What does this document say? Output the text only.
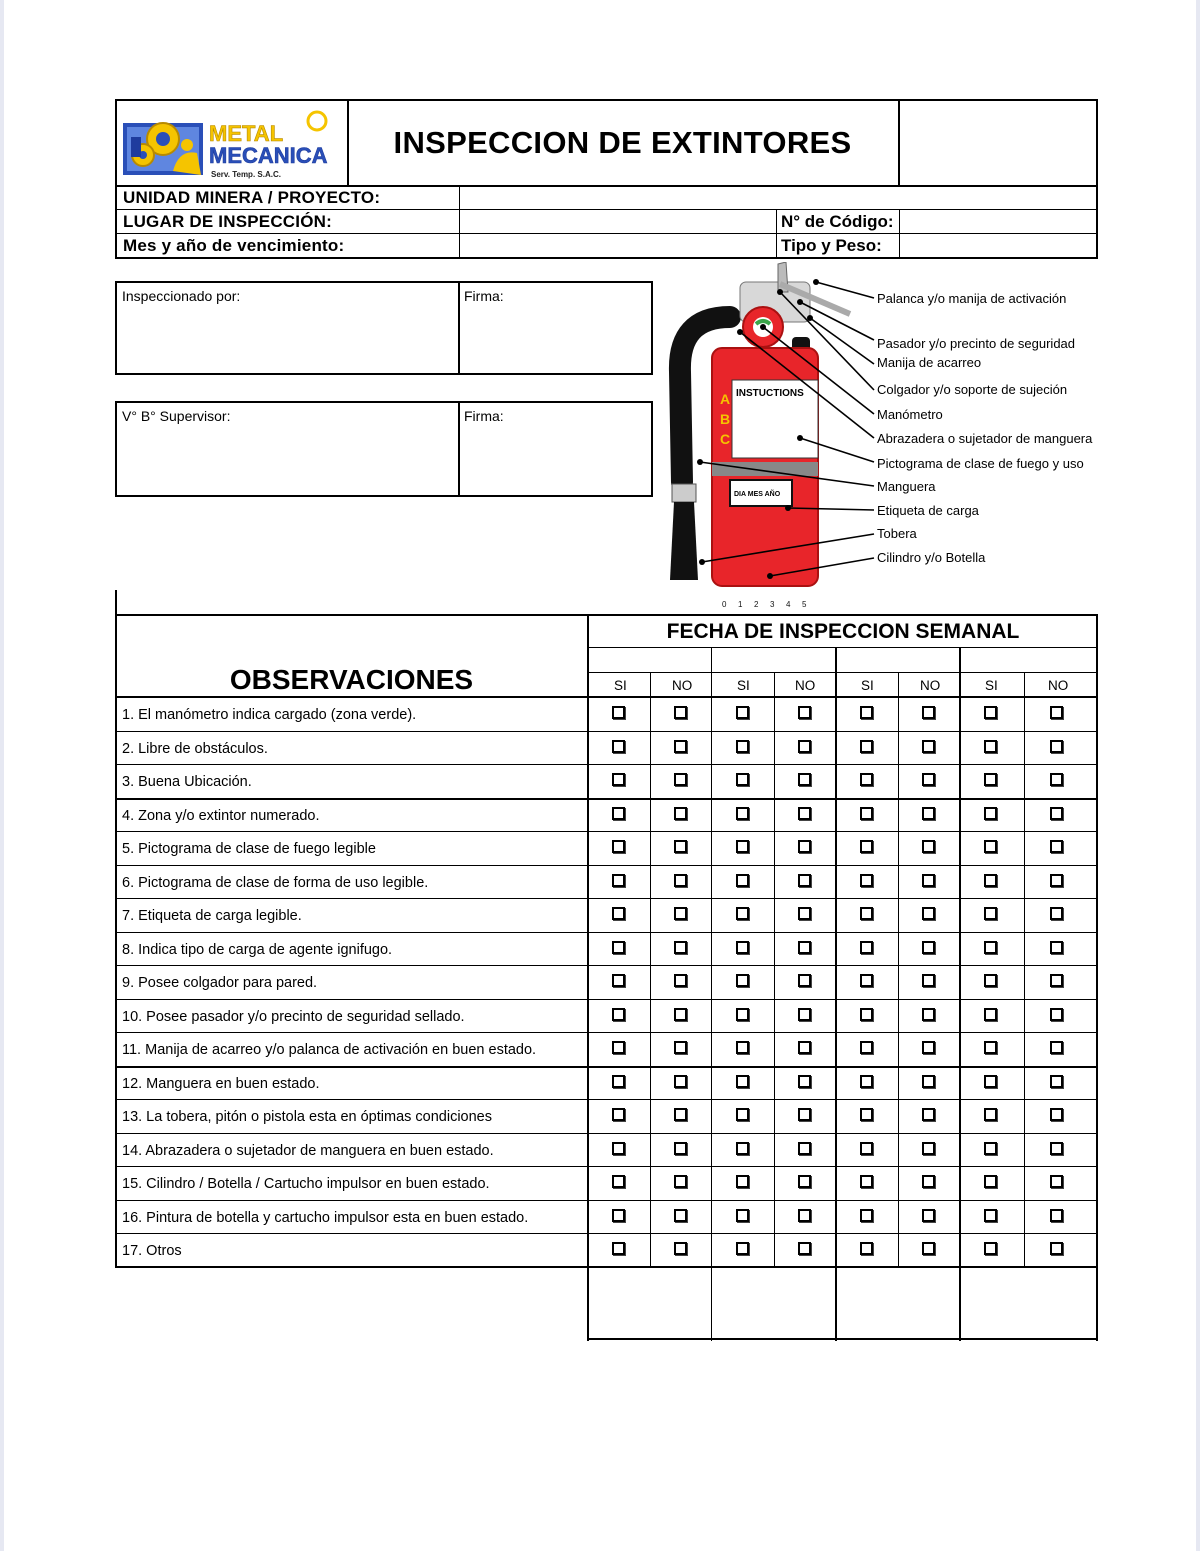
METAL
MECANICA
Serv. Temp. S.A.C.
INSPECCION DE EXTINTORES
UNIDAD MINERA / PROYECTO:
LUGAR DE INSPECCIÓN:	N° de Código:
Mes y año de vencimiento:	Tipo y Peso:
Inspeccionado por:	Firma:
V° B° Supervisor:	Firma:
INSTUCTIONS
A
B
C
DIA MES AÑO
0 1 2 3 4 5
Palanca y/o manija de activación
Pasador y/o precinto de seguridad
Manija de acarreo
Colgador y/o soporte de sujeción
Manómetro
Abrazadera o sujetador de manguera
Pictograma de clase de fuego y uso
Manguera
Etiqueta de carga
Tobera
Cilindro y/o Botella
FECHA DE INSPECCION SEMANAL
OBSERVACIONES	SI	NO	SI	NO	SI	NO	SI	NO
1. El manómetro indica cargado (zona verde).
2. Libre de obstáculos.
3. Buena Ubicación.
4. Zona y/o extintor numerado.
5. Pictograma de clase de fuego legible
6. Pictograma de clase de forma de uso legible.
7. Etiqueta de carga legible.
8. Indica tipo de carga de agente ignifugo.
9. Posee colgador para pared.
10. Posee pasador y/o precinto de seguridad sellado.
11. Manija de acarreo y/o palanca de activación en buen estado.
12. Manguera en buen estado.
13. La tobera, pitón o pistola esta en óptimas condiciones
14. Abrazadera o sujetador de manguera en buen estado.
15. Cilindro / Botella / Cartucho impulsor en buen estado.
16. Pintura de botella y cartucho impulsor esta en buen estado.
17. Otros
